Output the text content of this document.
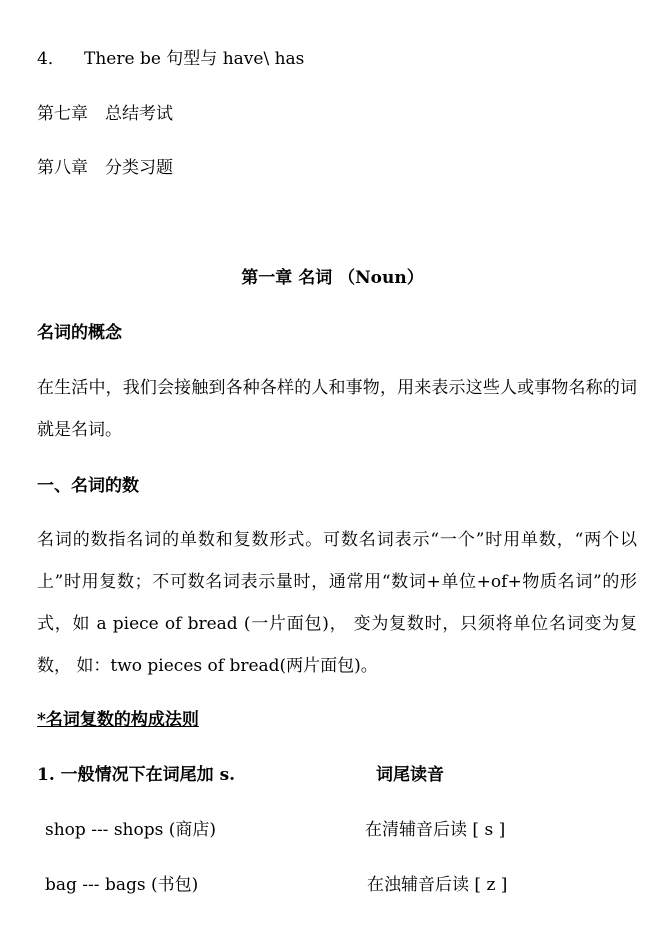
4． There be 句型与 have\ has
第七章　总结考试
第八章　分类习题
第一章 名词 （Noun）
名词的概念
在生活中，我们会接触到各种各样的人和事物，用来表示这些人或事物名称的词就是名词。
一、名词的数
名词的数指名词的单数和复数形式。可数名词表示“一个”时用单数，“两个以上”时用复数；不可数名词表示量时，通常用“数词+单位+of+物质名词”的形式，如 a piece of bread (一片面包)， 变为复数时，只须将单位名词变为复数， 如：two pieces of bread(两片面包)。
*名词复数的构成法则
1. 一般情况下在词尾加 s.	词尾读音
shop --- shops (商店)	在清辅音后读 [ s ]
bag --- bags (书包)	在浊辅音后读 [ z ]
